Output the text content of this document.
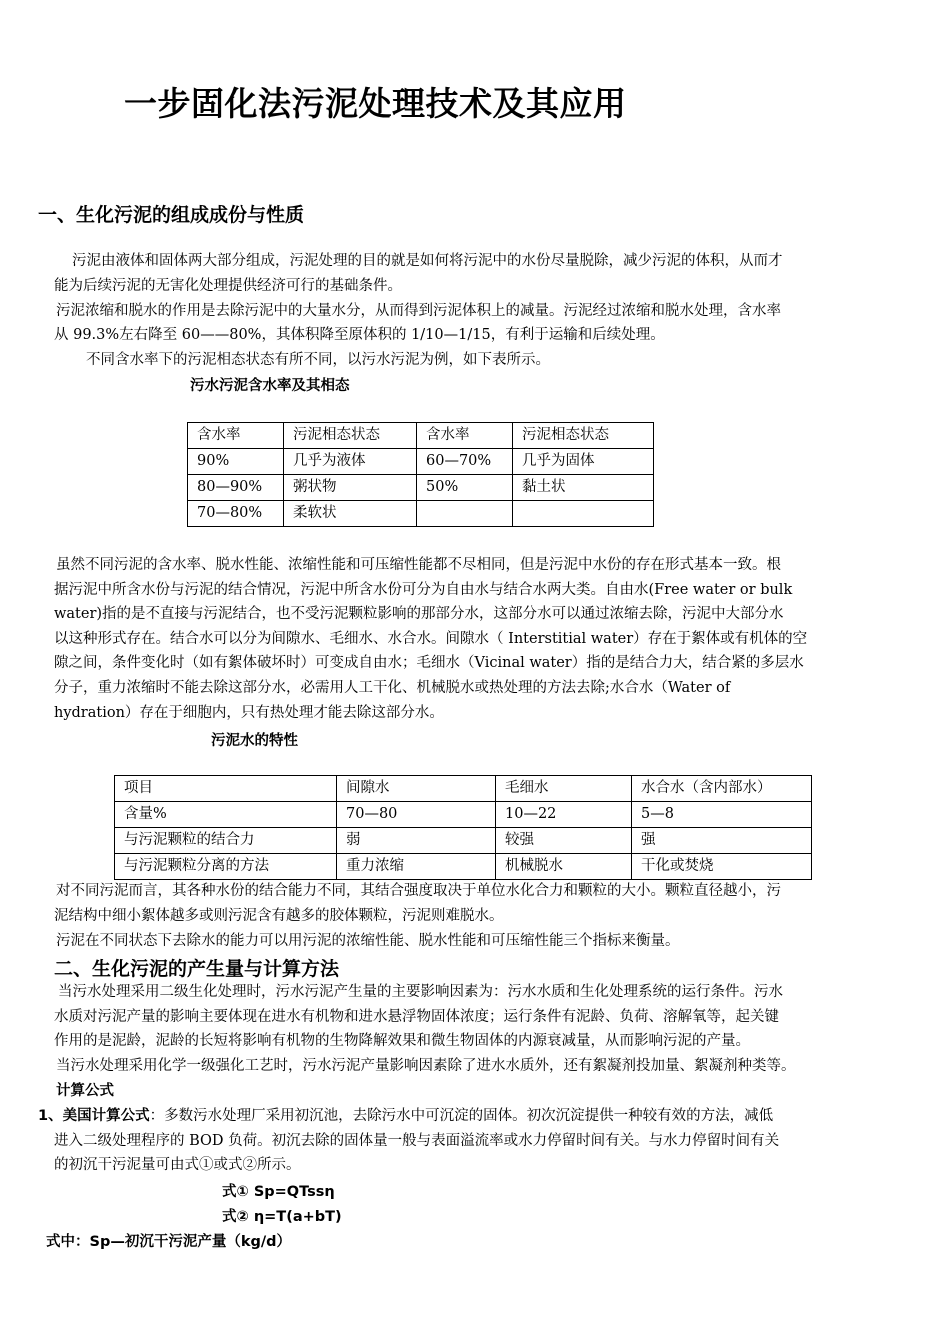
一步固化法污泥处理技术及其应用
一、生化污泥的组成成份与性质
污泥由液体和固体两大部分组成，污泥处理的目的就是如何将污泥中的水份尽量脱除，减少污泥的体积，从而才
能为后续污泥的无害化处理提供经济可行的基础条件。
污泥浓缩和脱水的作用是去除污泥中的大量水分，从而得到污泥体积上的减量。污泥经过浓缩和脱水处理，含水率
从 99.3%左右降至 60——80%，其体积降至原体积的 1/10—1/15，有利于运输和后续处理。
不同含水率下的污泥相态状态有所不同，以污水污泥为例，如下表所示。
污水污泥含水率及其相态
含水率	污泥相态状态	含水率	污泥相态状态
90%	几乎为液体	60—70%	几乎为固体
80—90%	粥状物	50%	黏土状
70—80%	柔软状		
虽然不同污泥的含水率、脱水性能、浓缩性能和可压缩性能都不尽相同，但是污泥中水份的存在形式基本一致。根
据污泥中所含水份与污泥的结合情况，污泥中所含水份可分为自由水与结合水两大类。自由水(Free water or bulk
water)指的是不直接与污泥结合，也不受污泥颗粒影响的那部分水，这部分水可以通过浓缩去除，污泥中大部分水
以这种形式存在。结合水可以分为间隙水、毛细水、水合水。间隙水（ Interstitial water）存在于絮体或有机体的空
隙之间，条件变化时（如有絮体破坏时）可变成自由水；毛细水（Vicinal water）指的是结合力大，结合紧的多层水
分子，重力浓缩时不能去除这部分水，必需用人工干化、机械脱水或热处理的方法去除;水合水（Water of
hydration）存在于细胞内，只有热处理才能去除这部分水。
污泥水的特性
项目	间隙水	毛细水	水合水（含内部水）
含量%	70—80	10—22	5—8
与污泥颗粒的结合力	弱	较强	强
与污泥颗粒分离的方法	重力浓缩	机械脱水	干化或焚烧
对不同污泥而言，其各种水份的结合能力不同，其结合强度取决于单位水化合力和颗粒的大小。颗粒直径越小，污
泥结构中细小絮体越多或则污泥含有越多的胶体颗粒，污泥则难脱水。
污泥在不同状态下去除水的能力可以用污泥的浓缩性能、脱水性能和可压缩性能三个指标来衡量。
二、生化污泥的产生量与计算方法
当污水处理采用二级生化处理时，污水污泥产生量的主要影响因素为：污水水质和生化处理系统的运行条件。污水
水质对污泥产量的影响主要体现在进水有机物和进水悬浮物固体浓度；运行条件有泥龄、负荷、溶解氧等，起关键
作用的是泥龄，泥龄的长短将影响有机物的生物降解效果和微生物固体的内源衰减量，从而影响污泥的产量。
当污水处理采用化学一级强化工艺时，污水污泥产量影响因素除了进水水质外，还有絮凝剂投加量、絮凝剂种类等。
计算公式
1、美国计算公式：多数污水处理厂采用初沉池，去除污水中可沉淀的固体。初次沉淀提供一种较有效的方法，减低
进入二级处理程序的 BOD 负荷。初沉去除的固体量一般与表面溢流率或水力停留时间有关。与水力停留时间有关
的初沉干污泥量可由式①或式②所示。
式① Sp=QTssη
式② η=T(a+bT)
式中：Sp—初沉干污泥产量（kg/d）
